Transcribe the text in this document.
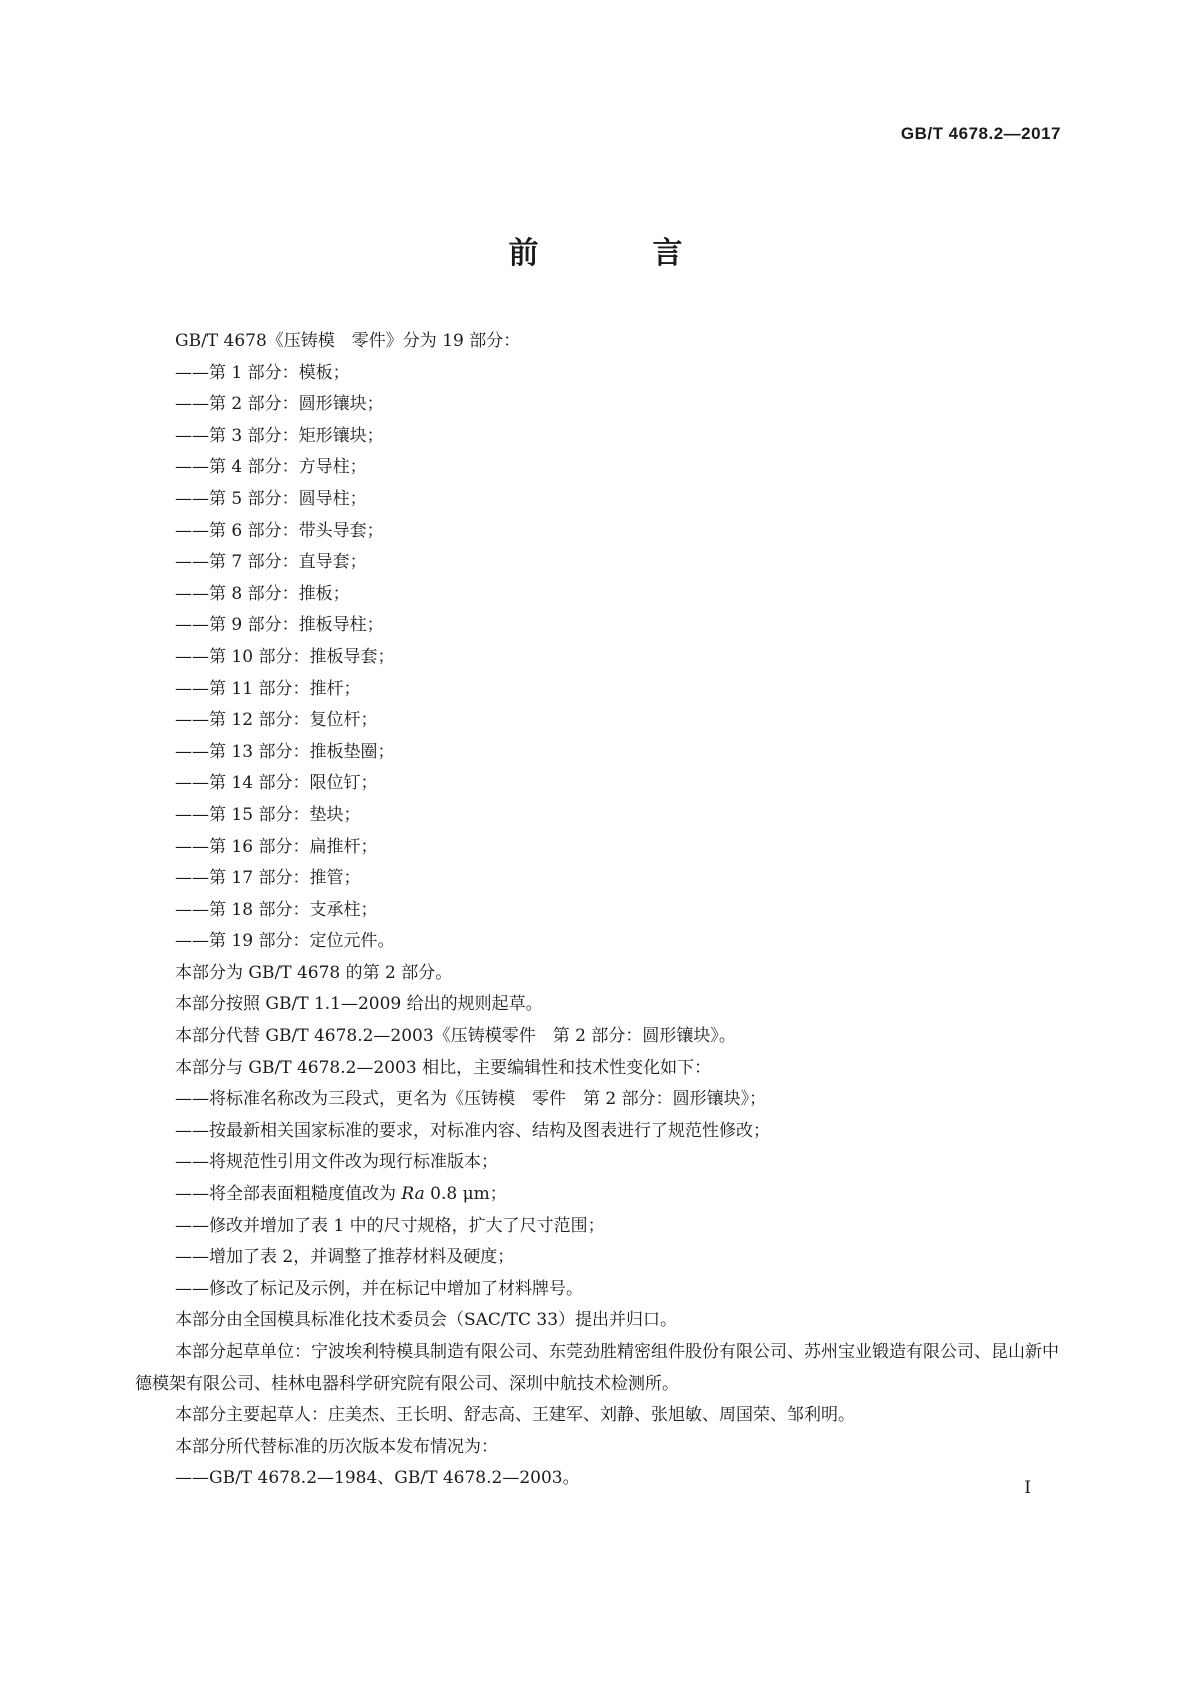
GB/T 4678.2—2017
前　言
GB/T 4678《压铸模　零件》分为 19 部分：
——第 1 部分：模板；
——第 2 部分：圆形镶块；
——第 3 部分：矩形镶块；
——第 4 部分：方导柱；
——第 5 部分：圆导柱；
——第 6 部分：带头导套；
——第 7 部分：直导套；
——第 8 部分：推板；
——第 9 部分：推板导柱；
——第 10 部分：推板导套；
——第 11 部分：推杆；
——第 12 部分：复位杆；
——第 13 部分：推板垫圈；
——第 14 部分：限位钉；
——第 15 部分：垫块；
——第 16 部分：扁推杆；
——第 17 部分：推管；
——第 18 部分：支承柱；
——第 19 部分：定位元件。
本部分为 GB/T 4678 的第 2 部分。
本部分按照 GB/T 1.1—2009 给出的规则起草。
本部分代替 GB/T 4678.2—2003《压铸模零件　第 2 部分：圆形镶块》。
本部分与 GB/T 4678.2—2003 相比，主要编辑性和技术性变化如下：
——将标准名称改为三段式，更名为《压铸模　零件　第 2 部分：圆形镶块》；
——按最新相关国家标准的要求，对标准内容、结构及图表进行了规范性修改；
——将规范性引用文件改为现行标准版本；
——将全部表面粗糙度值改为 Ra 0.8 μm；
——修改并增加了表 1 中的尺寸规格，扩大了尺寸范围；
——增加了表 2，并调整了推荐材料及硬度；
——修改了标记及示例，并在标记中增加了材料牌号。
本部分由全国模具标准化技术委员会（SAC/TC 33）提出并归口。
本部分起草单位：宁波埃利特模具制造有限公司、东莞劲胜精密组件股份有限公司、苏州宝业锻造有限公司、昆山新中德模架有限公司、桂林电器科学研究院有限公司、深圳中航技术检测所。
本部分主要起草人：庄美杰、王长明、舒志高、王建军、刘静、张旭敏、周国荣、邹利明。
本部分所代替标准的历次版本发布情况为：
——GB/T 4678.2—1984、GB/T 4678.2—2003。	I
